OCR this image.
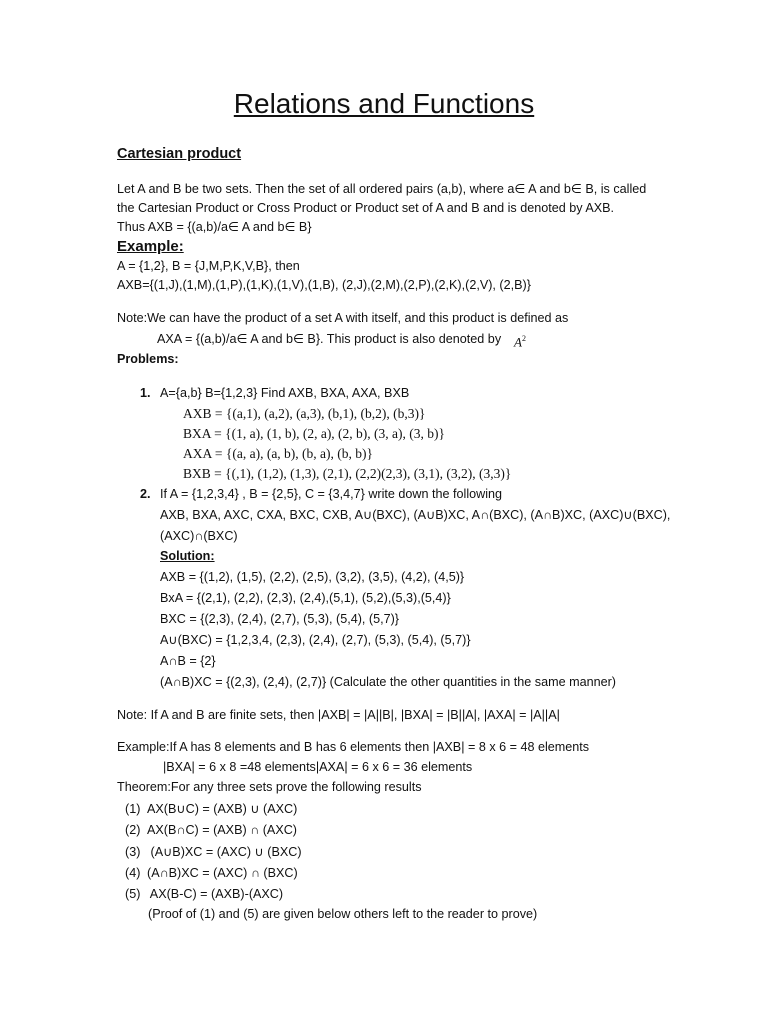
Relations and Functions
Cartesian product
Let A and B be two sets. Then the set of all ordered pairs (a,b), where a∈ A and b∈ B, is called
the Cartesian Product or Cross Product or Product set of A and B and is denoted by AXB.
Thus AXB = {(a,b)/a∈ A and b∈ B}
Example:
A = {1,2}, B = {J,M,P,K,V,B}, then
AXB={(1,J),(1,M),(1,P),(1,K),(1,V),(1,B), (2,J),(2,M),(2,P),(2,K),(2,V), (2,B)}
Note:We can have the product of a set A with itself, and this product is defined as
AXA = {(a,b)/a∈ A and b∈ B}. This product is also denoted by $A^2$
Problems:
1. A={a,b} B={1,2,3} Find AXB, BXA, AXA, BXB
AXB = {(a,1), (a,2), (a,3), (b,1), (b,2), (b,3)}
BXA = {(1, a), (1, b), (2, a), (2, b), (3, a), (3, b)}
AXA = {(a, a), (a, b), (b, a), (b, b)}
BXB = {(,1), (1,2), (1,3), (2,1), (2,2)(2,3), (3,1), (3,2), (3,3)}
2. If A = {1,2,3,4} , B = {2,5}, C = {3,4,7} write down the following
AXB, BXA, AXC, CXA, BXC, CXB, A∪(BXC), (A∪B)XC, A∩(BXC), (A∩B)XC, (AXC)∪(BXC),
(AXC)∩(BXC)
Solution:
AXB = {(1,2), (1,5), (2,2), (2,5), (3,2), (3,5), (4,2), (4,5)}
BxA = {(2,1), (2,2), (2,3), (2,4),(5,1), (5,2),(5,3),(5,4)}
BXC = {(2,3), (2,4), (2,7), (5,3), (5,4), (5,7)}
A∪(BXC) = {1,2,3,4, (2,3), (2,4), (2,7), (5,3), (5,4), (5,7)}
A∩B = {2}
(A∩B)XC = {(2,3), (2,4), (2,7)} (Calculate the other quantities in the same manner)
Note: If A and B are finite sets, then |AXB| = |A||B|, |BXA| = |B||A|, |AXA| = |A||A|
Example:If A has 8 elements and B has 6 elements then |AXB| = 8 x 6 = 48 elements
|BXA| = 6 x 8 =48 elements|AXA| = 6 x 6 = 36 elements
Theorem:For any three sets prove the following results
(1) AX(B∪C) = (AXB) ∪ (AXC)
(2) AX(B∩C) = (AXB) ∩ (AXC)
(3) (A∪B)XC = (AXC) ∪ (BXC)
(4) (A∩B)XC = (AXC) ∩ (BXC)
(5) AX(B-C) = (AXB)-(AXC)
(Proof of (1) and (5) are given below others left to the reader to prove)
